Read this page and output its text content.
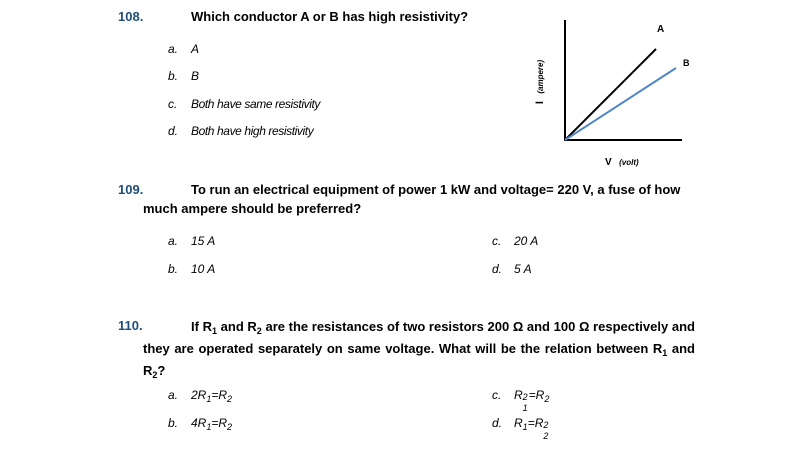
108.	Which conductor A or B has high resistivity?
a. A
b. B
c. Both have same resistivity
d. Both have high resistivity
A
B
I (ampere)
V (volt)
109.	To run an electrical equipment of power 1 kW and voltage= 220 V, a fuse of how
much ampere should be preferred?
a. 15 A
b. 10 A
c. 20 A
d. 5 A
110.	If $R_1$ and $R_2$ are the resistances of two resistors 200 Ω and 100 Ω respectively and they are operated separately on same voltage. What will be the relation between $R_1$ and $R_2$?
a. $2R_1=R_2$
b. $4R_1=R_2$
c. R 2
1
$=R_2$
d. $R_1=R$ 2
2
